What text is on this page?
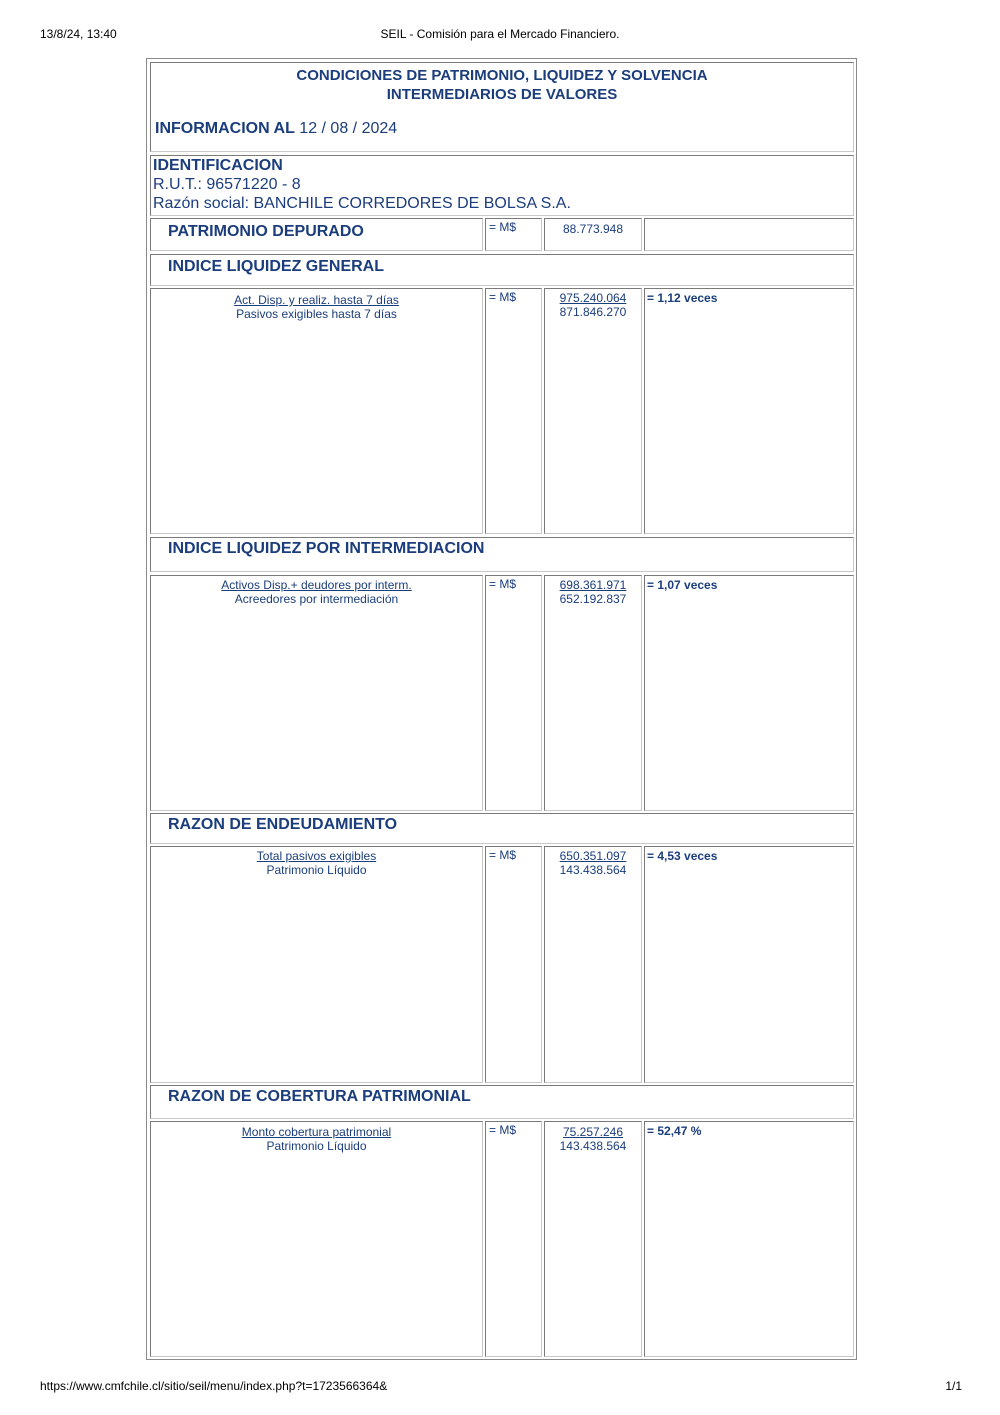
13/8/24, 13:40	SEIL - Comisión para el Mercado Financiero.
https://www.cmfchile.cl/sitio/seil/menu/index.php?t=1723566364&	1/1
CONDICIONES DE PATRIMONIO, LIQUIDEZ Y SOLVENCIA
INTERMEDIARIOS DE VALORES
INFORMACION AL 12 / 08 / 2024
IDENTIFICACION
R.U.T.: 96571220 - 8
Razón social: BANCHILE CORREDORES DE BOLSA S.A.
PATRIMONIO DEPURADO	= M$	88.773.948
INDICE LIQUIDEZ GENERAL
Act. Disp. y realiz. hasta 7 días
Pasivos exigibles hasta 7 días
= M$ $\frac{975.240.064}{871.846.270} = 1,12$ veces
INDICE LIQUIDEZ POR INTERMEDIACION
Activos Disp.+ deudores por interm.
Acreedores por intermediación
= M$ $\frac{698.361.971}{652.192.837} = 1,07$ veces
RAZON DE ENDEUDAMIENTO
Total pasivos exigibles
Patrimonio Líquido
= M$ $\frac{650.351.097}{143.438.564} = 4,53$ veces
RAZON DE COBERTURA PATRIMONIAL
Monto cobertura patrimonial
Patrimonio Líquido
= M$ $\frac{75.257.246}{143.438.564} = 52,47$ %
